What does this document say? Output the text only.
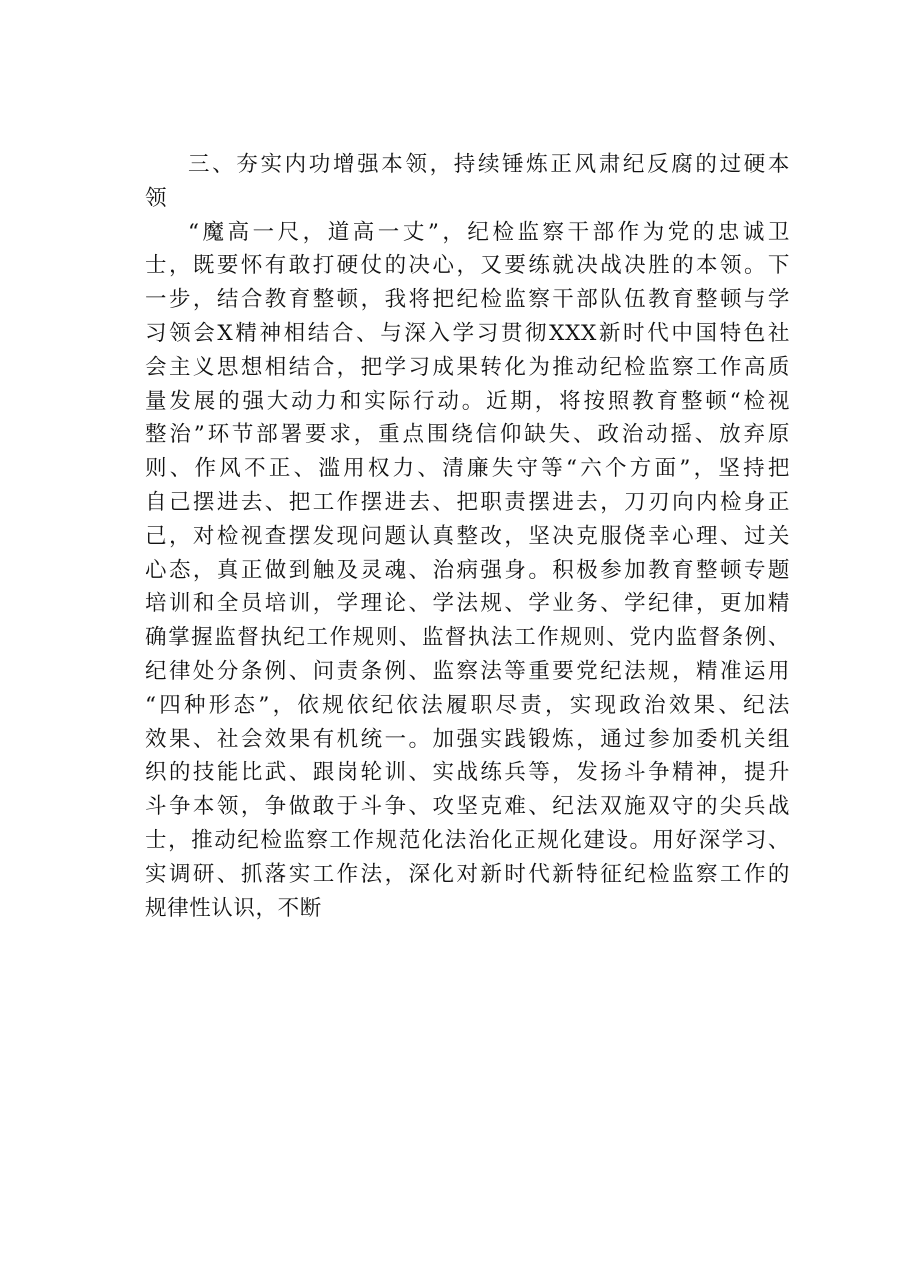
三、夯实内功增强本领，持续锤炼正风肃纪反腐的过硬本
领
“魔高一尺，道高一丈”，纪检监察干部作为党的忠诚卫
士，既要怀有敢打硬仗的决心，又要练就决战决胜的本领。下
一步，结合教育整顿，我将把纪检监察干部队伍教育整顿与学
习领会X精神相结合、与深入学习贯彻XXX新时代中国特色社
会主义思想相结合，把学习成果转化为推动纪检监察工作高质
量发展的强大动力和实际行动。近期，将按照教育整顿“检视
整治”环节部署要求，重点围绕信仰缺失、政治动摇、放弃原
则、作风不正、滥用权力、清廉失守等“六个方面”，坚持把
自己摆进去、把工作摆进去、把职责摆进去，刀刃向内检身正
己，对检视查摆发现问题认真整改，坚决克服侥幸心理、过关
心态，真正做到触及灵魂、治病强身。积极参加教育整顿专题
培训和全员培训，学理论、学法规、学业务、学纪律，更加精
确掌握监督执纪工作规则、监督执法工作规则、党内监督条例、
纪律处分条例、问责条例、监察法等重要党纪法规，精准运用
“四种形态”，依规依纪依法履职尽责，实现政治效果、纪法
效果、社会效果有机统一。加强实践锻炼，通过参加委机关组
织的技能比武、跟岗轮训、实战练兵等，发扬斗争精神，提升
斗争本领，争做敢于斗争、攻坚克难、纪法双施双守的尖兵战
士，推动纪检监察工作规范化法治化正规化建设。用好深学习、
实调研、抓落实工作法，深化对新时代新特征纪检监察工作的
规律性认识，不断
